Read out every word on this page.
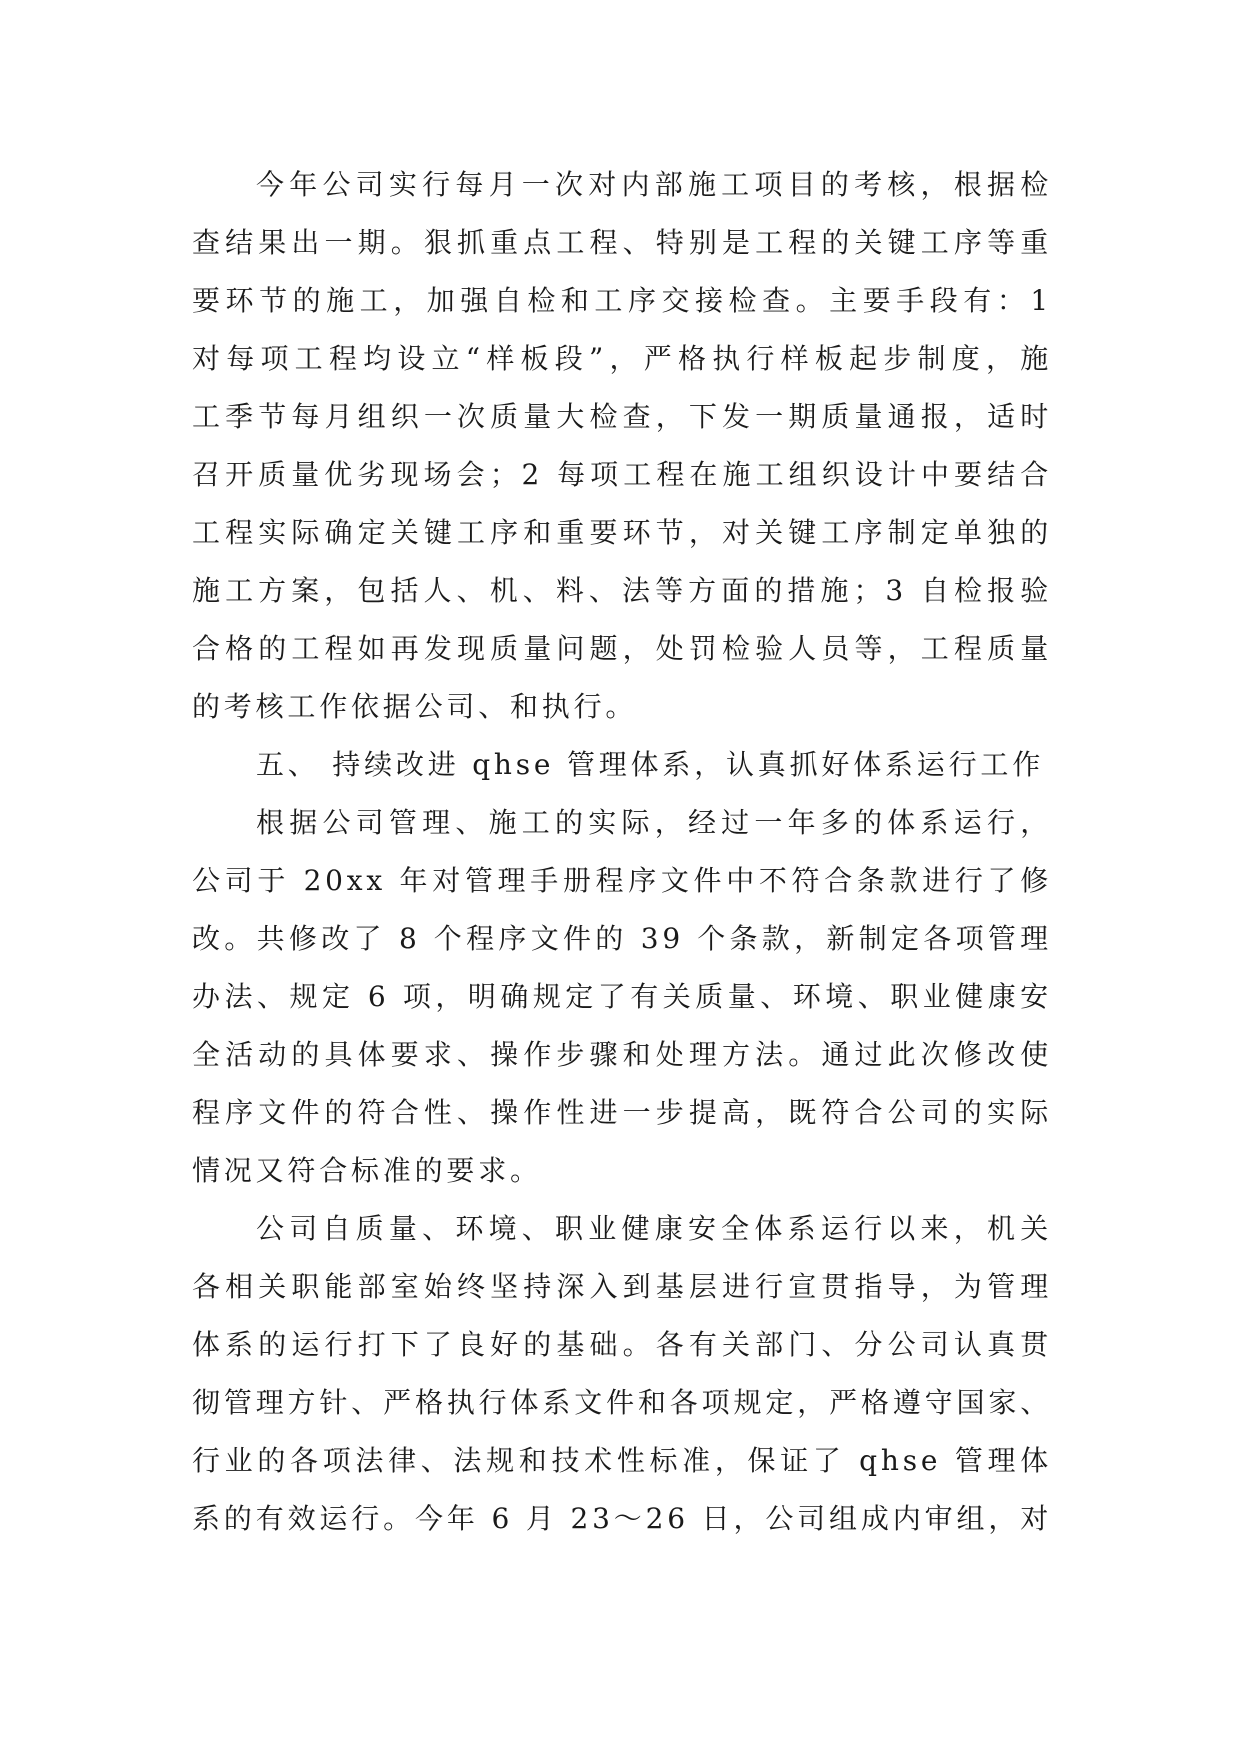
今年公司实行每月一次对内部施工项目的考核，根据检
查结果出一期。狠抓重点工程、特别是工程的关键工序等重
要环节的施工，加强自检和工序交接检查。主要手段有：1
对每项工程均设立“样板段”，严格执行样板起步制度，施
工季节每月组织一次质量大检查，下发一期质量通报，适时
召开质量优劣现场会；2 每项工程在施工组织设计中要结合
工程实际确定关键工序和重要环节，对关键工序制定单独的
施工方案，包括人、机、料、法等方面的措施；3 自检报验
合格的工程如再发现质量问题，处罚检验人员等，工程质量
的考核工作依据公司、和执行。
五、 持续改进 qhse 管理体系，认真抓好体系运行工作
根据公司管理、施工的实际，经过一年多的体系运行，
公司于 20xx 年对管理手册程序文件中不符合条款进行了修
改。共修改了 8 个程序文件的 39 个条款，新制定各项管理
办法、规定 6 项，明确规定了有关质量、环境、职业健康安
全活动的具体要求、操作步骤和处理方法。通过此次修改使
程序文件的符合性、操作性进一步提高，既符合公司的实际
情况又符合标准的要求。
公司自质量、环境、职业健康安全体系运行以来，机关
各相关职能部室始终坚持深入到基层进行宣贯指导，为管理
体系的运行打下了良好的基础。各有关部门、分公司认真贯
彻管理方针、严格执行体系文件和各项规定，严格遵守国家、
行业的各项法律、法规和技术性标准，保证了 qhse 管理体
系的有效运行。今年 6 月 23～26 日，公司组成内审组，对
